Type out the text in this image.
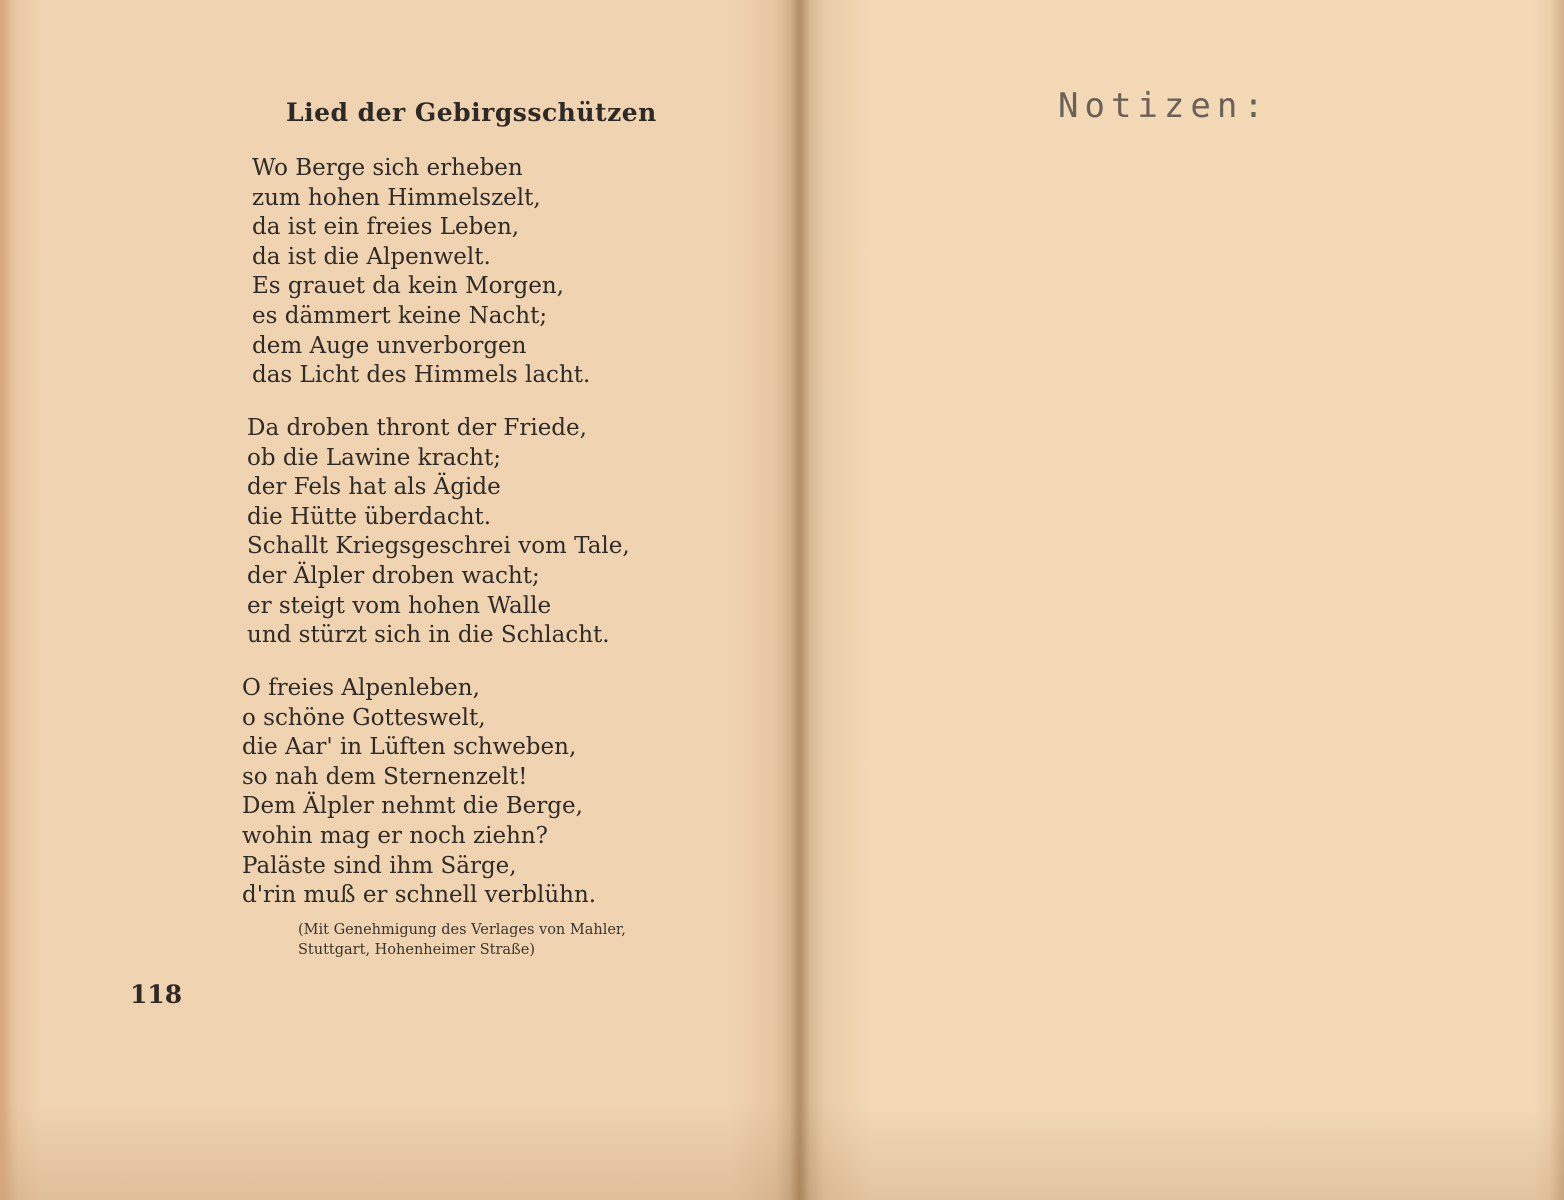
Lied der Gebirgsschützen
Wo Berge sich erheben
zum hohen Himmelszelt,
da ist ein freies Leben,
da ist die Alpenwelt.
Es grauet da kein Morgen,
es dämmert keine Nacht;
dem Auge unverborgen
das Licht des Himmels lacht.
Da droben thront der Friede,
ob die Lawine kracht;
der Fels hat als Ägide
die Hütte überdacht.
Schallt Kriegsgeschrei vom Tale,
der Älpler droben wacht;
er steigt vom hohen Walle
und stürzt sich in die Schlacht.
O freies Alpenleben,
o schöne Gotteswelt,
die Aar' in Lüften schweben,
so nah dem Sternenzelt!
Dem Älpler nehmt die Berge,
wohin mag er noch ziehn?
Paläste sind ihm Särge,
d'rin muß er schnell verblühn.
(Mit Genehmigung des Verlages von Mahler,
Stuttgart, Hohenheimer Straße)
118
Notizen:
